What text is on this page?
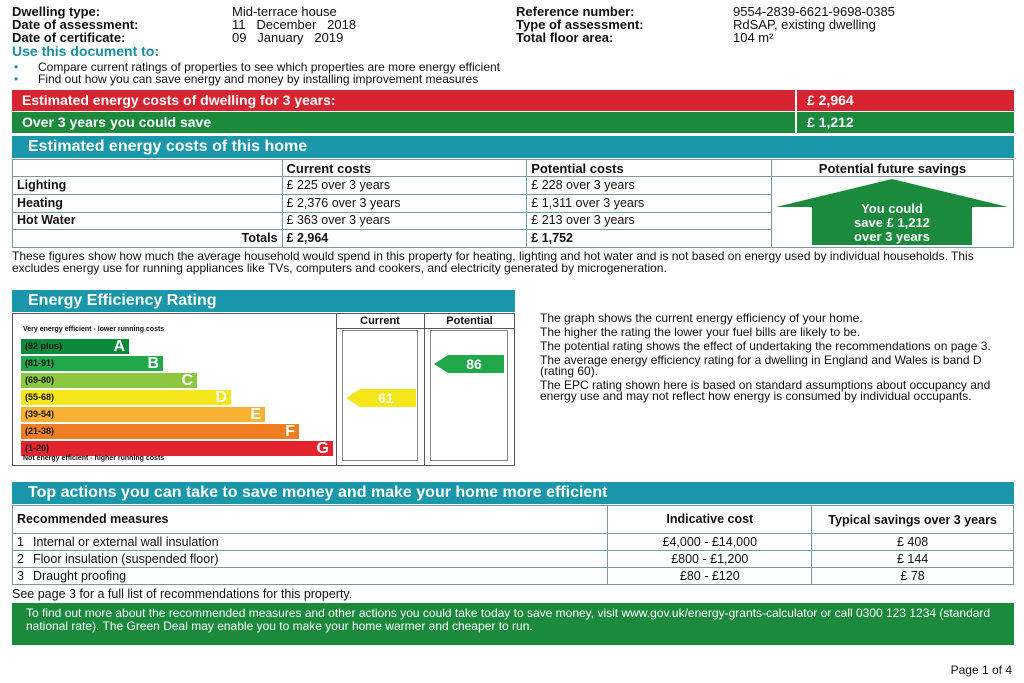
Dwelling type:	Mid-terrace house
Date of assessment:	11   December   2018
Date of certificate:	09   January   2019
Reference number:	9554-2839-6621-9698-0385
Type of assessment:	RdSAP, existing dwelling
Total floor area:	104 m²
Use this document to:
• Compare current ratings of properties to see which properties are more energy efficient
• Find out how you can save energy and money by installing improvement measures
Estimated energy costs of dwelling for 3 years:	£ 2,964
Over 3 years you could save	£ 1,212
Estimated energy costs of this home
	Current costs	Potential costs	Potential future savings
Lighting	£ 225 over 3 years	£ 228 over 3 years	You could
save £ 1,212
over 3 years

Heating	£ 2,376 over 3 years	£ 1,311 over 3 years	
Hot Water	£ 363 over 3 years	£ 213 over 3 years	
Totals	£ 2,964	£ 1,752	
These figures show how much the average household would spend in this property for heating, lighting and hot water and is not based on energy used by individual households. This excludes energy use for running appliances like TVs, computers and cookers, and electricity generated by microgeneration.
Energy Efficiency Rating
Very energy efficient - lower running costs
(92 plus)	A
(81-91)	B
(69-80)	C
(55-68)	D
(39-54)	E
(21-38)	F
(1-20)	G
Not energy efficient - higher running costs
Current	Potential
61
86

The graph shows the current energy efficiency of your home.

The higher the rating the lower your fuel bills are likely to be.

The potential rating shows the effect of undertaking the recommendations on page 3.

The average energy efficiency rating for a dwelling in England and Wales is band D (rating 60).

The EPC rating shown here is based on standard assumptions about occupancy and energy use and may not reflect how energy is consumed by individual occupants.

Top actions you can take to save money and make your home more efficient
Recommended measures	Indicative cost	Typical savings over 3 years
1 Internal or external wall insulation	£4,000 - £14,000	£ 408
2 Floor insulation (suspended floor)	£800 - £1,200	£ 144
3 Draught proofing	£80 - £120	£ 78
See page 3 for a full list of recommendations for this property.
To find out more about the recommended measures and other actions you could take today to save money, visit www.gov.uk/energy-grants-calculator or call 0300 123 1234 (standard national rate). The Green Deal may enable you to make your home warmer and cheaper to run.
Page 1 of 4
